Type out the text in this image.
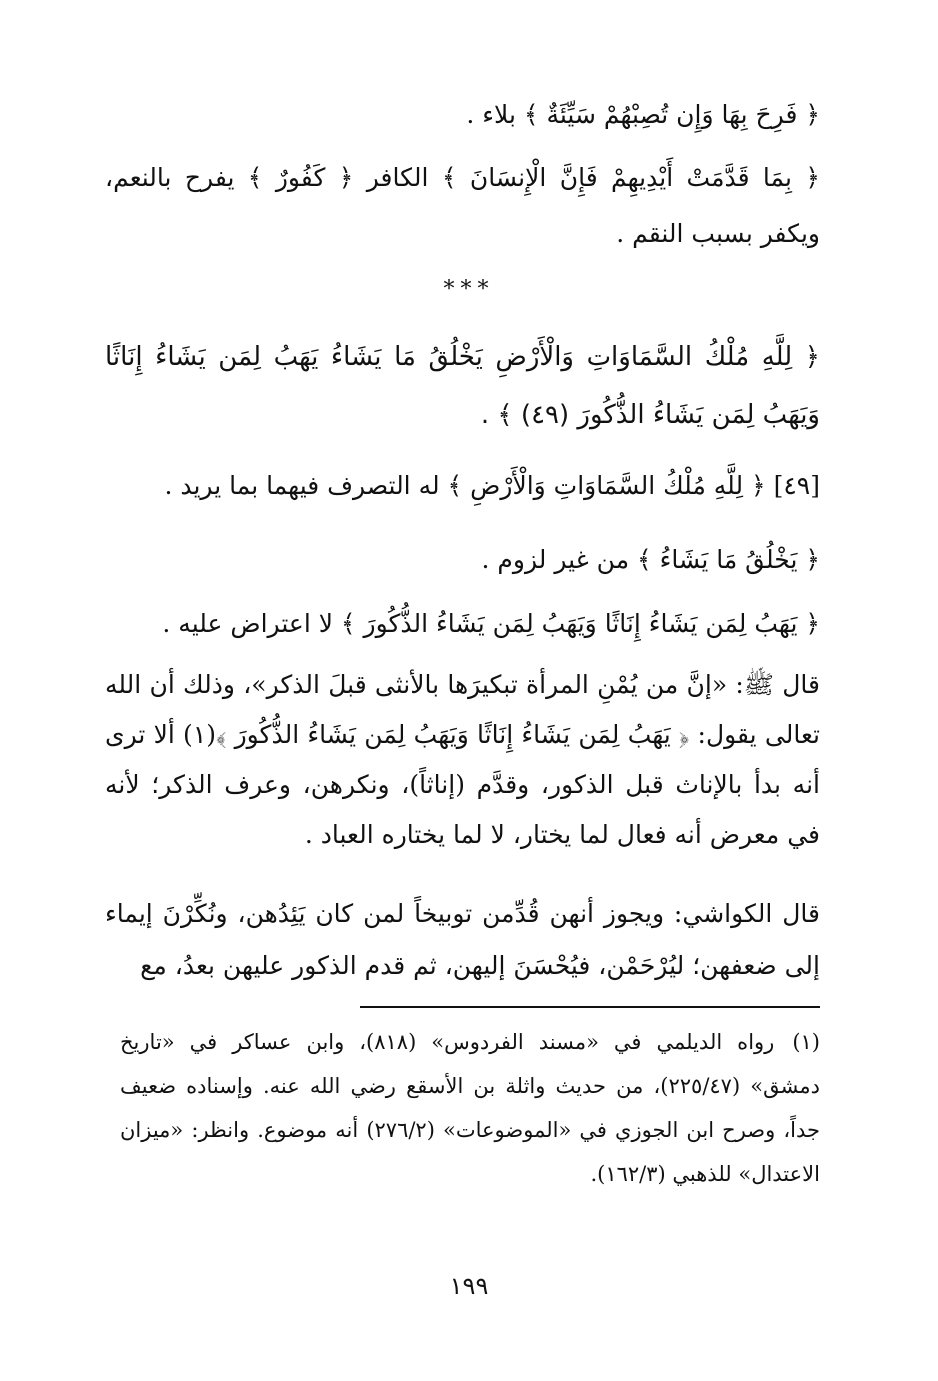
﴿ فَرِحَ بِهَا وَإِن تُصِبْهُمْ سَيِّئَةٌ ﴾ بلاء .

﴿ بِمَا قَدَّمَتْ أَيْدِيهِمْ فَإِنَّ الْإِنسَانَ ﴾ الكافر ﴿ كَفُورٌ ﴾ يفرح بالنعم، ويكفر بسبب النقم .

***

﴿ لِلَّهِ مُلْكُ السَّمَاوَاتِ وَالْأَرْضِ يَخْلُقُ مَا يَشَاءُ يَهَبُ لِمَن يَشَاءُ إِنَاثًا وَيَهَبُ لِمَن يَشَاءُ الذُّكُورَ (٤٩) ﴾ .

[٤٩] ﴿ لِلَّهِ مُلْكُ السَّمَاوَاتِ وَالْأَرْضِ ﴾ له التصرف فيهما بما يريد .

﴿ يَخْلُقُ مَا يَشَاءُ ﴾ من غير لزوم .

﴿ يَهَبُ لِمَن يَشَاءُ إِنَاثًا وَيَهَبُ لِمَن يَشَاءُ الذُّكُورَ ﴾ لا اعتراض عليه .

قال ﷺ: «إنَّ من يُمْنِ المرأة تبكيرَها بالأنثى قبلَ الذكر»، وذلك أن الله تعالى يقول: ﴿ يَهَبُ لِمَن يَشَاءُ إِنَاثًا وَيَهَبُ لِمَن يَشَاءُ الذُّكُورَ ﴾(١) ألا ترى أنه بدأ بالإناث قبل الذكور، وقدَّم (إناثاً)، ونكرهن، وعرف الذكر؛ لأنه في معرض أنه فعال لما يختار، لا لما يختاره العباد .

قال الكواشي: ويجوز أنهن قُدِّمن توبيخاً لمن كان يَئِدُهن، ونُكِّرْنَ إيماء إلى ضعفهن؛ ليُرْحَمْن، فيُحْسَنَ إليهن، ثم قدم الذكور عليهن بعدُ، مع

(١)رواه الديلمي في «مسند الفردوس» (٨١٨)، وابن عساكر في «تاريخ دمشق» (٢٢٥/٤٧)، من حديث واثلة بن الأسقع رضي الله عنه. وإسناده ضعيف جداً، وصرح ابن الجوزي في «الموضوعات» (٢٧٦/٢) أنه موضوع. وانظر: «ميزان الاعتدال» للذهبي (١٦٢/٣).

١٩٩
